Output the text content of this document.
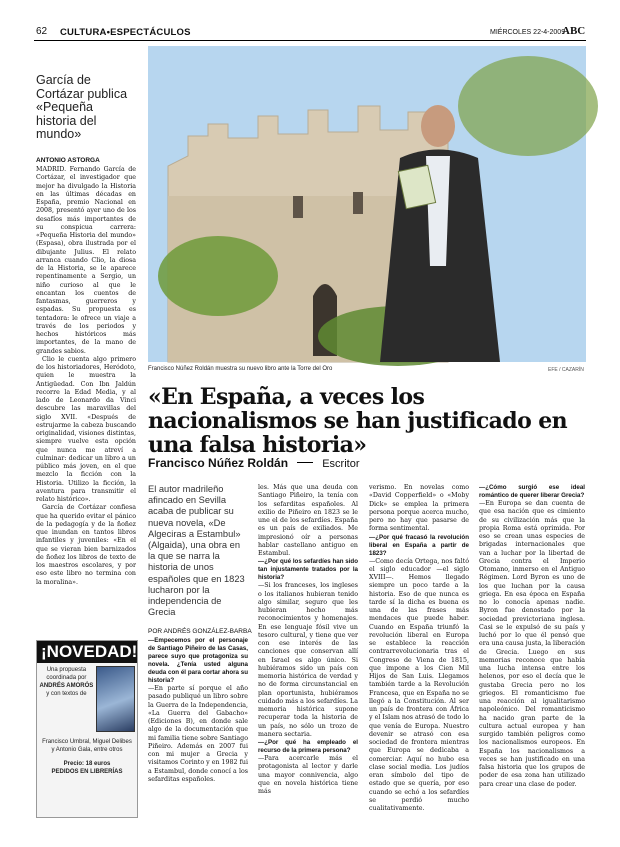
62 CULTURA•ESPECTÁCULOS	MIÉRCOLES 22-4-2009
ABC
García de Cortázar publica «Pequeña historia del mundo»
ANTONIO ASTORGA

MADRID. Fernando García de Cortázar, el investigador que mejor ha divulgado la Historia en las últimas décadas en España, premio Nacional en 2008, presentó ayer uno de los desafíos más importantes de su conspicua carrera: «Pequeña Historia del mundo» (Espasa), obra ilustrada por el dibujante Julius. El relato arranca cuando Clio, la diosa de la Historia, se le aparece repentinamente a Sergio, un niño curioso al que le encantan los cuentos de fantasmas, guerreros y espadas. Su propuesta es tentadora: le ofrece un viaje a través de los periodos y hechos históricos más importantes, de la mano de grandes sabios.

Clio le cuenta algo primero de los historiadores, Heródoto, quien le muestra la Antigüedad. Con Ibn Jaldún recorre la Edad Media, y al lado de Leonardo da Vinci descubre las maravillas del siglo XVII. «Después de estrujarme la cabeza buscando originalidad, visiones distintas, siempre vuelve esta opción que nunca me atreví a culminar: dedicar un libro a un público más joven, en el que mezclo la ficción con la Historia. Utilizo la ficción, la aventura para transmitir el relato histórico».

García de Cortázar confiesa que ha querido evitar el pánico de la pedagogía y de la ñoñez que inundan en tantos libros infantiles y juveniles: «En el que se vieran bien barnizados de ñoñez los libros de texto de los maestros escolares, y por eso este libro no termina con la moralina».

¡NOVEDAD!
Una propuesta
coordinada por
ANDRÉS AMORÓS
y con textos de
Francisco Umbral, Miguel Delibes
y Antonio Gala, entre otros
Precio: 18 euros
PEDIDOS EN LIBRERÍAS
Francisco Núñez Roldán muestra su nuevo libro ante la Torre del Oro	EFE / CAZARÍN
«En España, a veces los nacionalismos se han justificado en una falsa historia»
Francisco Núñez Roldán	Escritor
El autor madrileño afincado en Sevilla acaba de publicar su nueva novela, «De Algeciras a Estambul» (Algaida), una obra en la que se narra la historia de unos españoles que en 1823 lucharon por la independencia de Grecia
POR ANDRÉS GONZÁLEZ-BARBA

—Empecemos por el personaje de Santiago Piñeiro de las Casas, parece suyo que protagoniza su novela. ¿Tenía usted alguna deuda con él para cortar ahora su historia?

—En parte sí porque el año pasado publiqué un libro sobre la Guerra de la Independencia, «La Guerra del Gabacho» (Ediciones B), en donde sale algo de la documentación que mi familia tiene sobre Santiago Piñeiro. Además en 2007 fui con mi mujer a Grecia y visitamos Corinto y en 1982 fui a Estambul, donde conocí a los sefarditas españoles.

les. Más que una deuda con Santiago Piñeiro, la tenía con los sefarditas españoles. Al exilio de Piñeiro en 1823 se le une el de los sefardíes. España es un país de exiliados. Me impresionó oír a personas hablar castellano antiguo en Estambul.

—¿Por qué los sefardíes han sido tan injustamente tratados por la historia?

—Si los franceses, los ingleses o los italianos hubieran tenido algo similar, seguro que les hubieran hecho más reconocimientos y homenajes. En ese lenguaje fósil vive un tesoro cultural, y tiene que ver con ese interés de las canciones que conservan allí en Israel es algo único. Si hubiéramos sido un país con memoria histórica de verdad y no de forma circunstancial en plan oportunista, hubiéramos cuidado más a los sefardíes. La memoria histórica supone recuperar toda la historia de un país, no sólo un trozo de manera sectaria.

—¿Por qué ha empleado el recurso de la primera persona?

—Para acercarle más el protagonista al lector y darle una mayor connivencia, algo que en novela histórica tiene más

verismo. En novelas como «David Copperfield» o «Moby Dick» se emplea la primera persona porque acerca mucho, pero no hay que pasarse de forma sentimental.

—¿Por qué fracasó la revolución liberal en España a partir de 1823?

—Como decía Ortega, nos faltó el siglo educador —el siglo XVIII—. Hemos llegado siempre un poco tarde a la historia. Eso de que nunca es tarde sí la dicha es buena es una de las frases más mendaces que puede haber. Cuando en España triunfó la revolución liberal en Europa se establece la reacción contrarrevolucionaria tras el Congreso de Viena de 1815, que impone a los Cien Mil Hijos de San Luis. Llegamos también tarde a la Revolución Francesa, que en España no se llegó a la Constitución. Al ser un país de frontera con África y el Islam nos atrasó de todo lo que venía de Europa. Nuestro devenir se atrasó con esa sociedad de frontera mientras que Europa se dedicaba a comerciar. Aquí no hubo esa clase social media. Los judíos eran símbolo del tipo de estado que se quería, por eso cuando se echó a los sefardíes se perdió mucho cualitativamente.

—¿Cómo surgió ese ideal romántico de querer liberar Grecia?

—En Europa se dan cuenta de que esa nación que es cimiento de su civilización más que la propia Roma está oprimida. Por eso se crean unas especies de brigadas internacionales que van a luchar por la libertad de Grecia contra el Imperio Otomano, inmerso en el Antiguo Régimen. Lord Byron es uno de los que luchan por la causa griega. En esa época en España no lo conocía apenas nadie. Byron fue denostado por la sociedad previctoriana inglesa. Casi se le expulsó de su país y luchó por lo que él pensó que era una causa justa, la liberación de Grecia. Luego en sus memorias reconoce que había una lucha intensa entre los helenos, por eso el decía que le gustaba Grecia pero no los griegos. El romanticismo fue una reacción al igualitarismo napoleónico. Del romanticismo ha nacido gran parte de la cultura actual europea y han surgido también peligros como los nacionalismos europeos. En España los nacionalismos a veces se han justificado en una falsa historia que los grupos de poder de esa zona han utilizado para crear una clase de poder.
